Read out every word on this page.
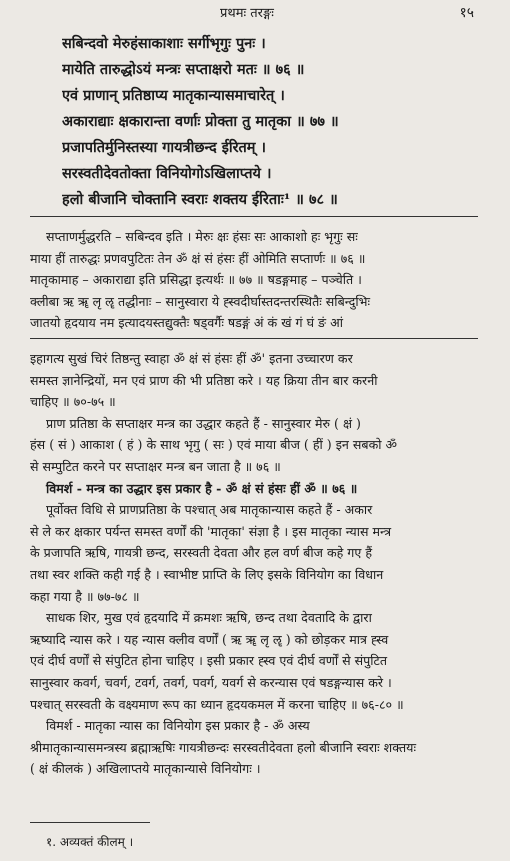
प्रथमः तरङ्गः	१५
सबिन्दवो मेरुहंसाकाशाः सर्गीभृगुः पुनः ।
मायेति तारुद्धोऽयं मन्त्रः सप्ताक्षरो मतः ॥ ७६ ॥
एवं प्राणान् प्रतिष्ठाप्य मातृकान्यासमाचारेत् ।
अकाराद्याः क्षकारान्ता वर्णाः प्रोक्ता तु मातृका ॥ ७७ ॥
प्रजापतिर्मुनिस्तस्या गायत्रीछन्द ईरितम् ।
सरस्वतीदेवतोक्ता विनियोगोऽखिलाप्तये ।
हलो बीजानि चोक्तानि स्वराः शक्तय ईरिताः¹ ॥ ७८ ॥
सप्ताणर्मुद्धरति – सबिन्दव इति । मेरुः क्षः हंसः सः आकाशो हः भृगुः सः
माया हीं तारुद्धः प्रणवपुटितः तेन ॐ क्षं सं हंसः हीं ओमिति सप्तार्णः ॥ ७६ ॥
मातृकामाह – अकाराद्या इति प्रसिद्धा इत्यर्थः ॥ ७७ ॥ षडङ्गमाह – पञ्चेति ।
क्लीबा ऋ ॠ लृ ॡ तद्धीनाः – सानुस्वारा ये ह्स्वदीर्घास्तदन्तरस्थितैः सबिन्दुभिः
जातयो हृदयाय नम इत्यादयस्तद्युक्तैः षड्वर्गैः षडङ्गं अं कं खं गं घं ङं आं
इहागत्य सुखं चिरं तिष्ठन्तु स्वाहा ॐ क्षं सं हंसः हीं ॐ' इतना उच्चारण कर
समस्त ज्ञानेन्द्रियों, मन एवं प्राण की भी प्रतिष्ठा करे । यह क्रिया तीन बार करनी
चाहिए ॥ ७०-७५ ॥
प्राण प्रतिष्ठा के सप्ताक्षर मन्त्र का उद्धार कहते हैं - सानुस्वार मेरु ( क्षं )
हंस ( सं ) आकाश ( हं ) के साथ भृगु ( सः ) एवं माया बीज ( हीं ) इन सबको ॐ
से सम्पुटित करने पर सप्ताक्षर मन्त्र बन जाता है ॥ ७६ ॥
विमर्श - मन्त्र का उद्धार इस प्रकार है - ॐ क्षं सं हंसः हीं ॐ ॥ ७६ ॥
पूर्वोक्त विधि से प्राणप्रतिष्ठा के पश्चात् अब मातृकान्यास कहते हैं - अकार
से ले कर क्षकार पर्यन्त समस्त वर्णों की 'मातृका' संज्ञा है । इस मातृका न्यास मन्त्र
के प्रजापति ऋषि, गायत्री छन्द, सरस्वती देवता और हल वर्ण बीज कहे गए हैं
तथा स्वर शक्ति कही गई है । स्वाभीष्ट प्राप्ति के लिए इसके विनियोग का विधान
कहा गया है ॥ ७७-७८ ॥
साधक शिर, मुख एवं हृदयादि में क्रमशः ऋषि, छन्द तथा देवतादि के द्वारा
ऋष्यादि न्यास करे । यह न्यास क्लीव वर्णों ( ऋ ॠ लृ ॡ ) को छोड़कर मात्र ह्स्व
एवं दीर्घ वर्णों से संपुटित होना चाहिए । इसी प्रकार ह्स्व एवं दीर्घ वर्णों से संपुटित
सानुस्वार कवर्ग, चवर्ग, टवर्ग, तवर्ग, पवर्ग, यवर्ग से करन्यास एवं षडङ्गन्यास करे ।
पश्चात् सरस्वती के वक्ष्यमाण रूप का ध्यान हृदयकमल में करना चाहिए ॥ ७६-८० ॥
विमर्श - मातृका न्यास का विनियोग इस प्रकार है - ॐ अस्य
श्रीमातृकान्यासमन्त्रस्य ब्रह्माऋषिः गायत्रीछन्दः सरस्वतीदेवता हलो बीजानि स्वराः शक्तयः
( क्षं कीलकं ) अखिलाप्तये मातृकान्यासे विनियोगः ।
१. अव्यक्तं कीलम् ।
